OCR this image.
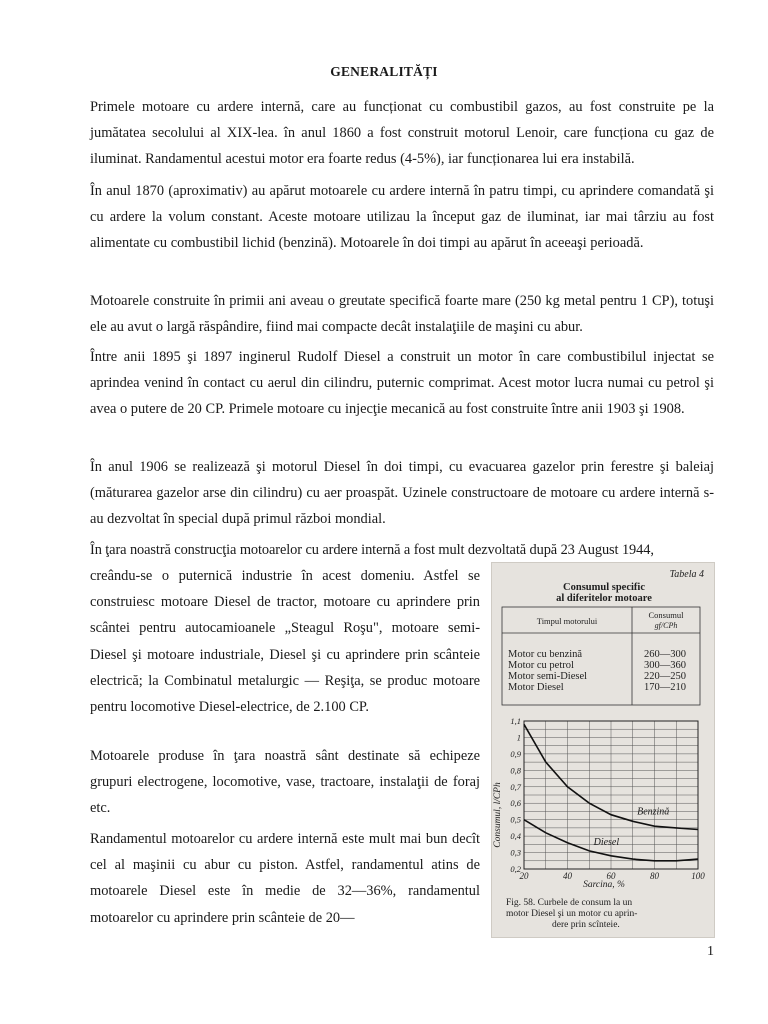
GENERALITĂȚI

Primele motoare cu ardere internă, care au funcționat cu combustibil gazos, au fost construite pe la jumătatea secolului al XIX-lea. în anul 1860 a fost construit motorul Lenoir, care funcționa cu gaz de iluminat. Randamentul acestui motor era foarte redus (4-5%), iar funcționarea lui era instabilă.

În anul 1870 (aproximativ) au apărut motoarele cu ardere internă în patru timpi, cu aprindere comandată şi cu ardere la volum constant. Aceste motoare utilizau la început gaz de iluminat, iar mai târziu au fost alimentate cu combustibil lichid (benzină). Motoarele în doi timpi au apărut în aceeaşi perioadă.

Motoarele construite în primii ani aveau o greutate specifică foarte mare (250 kg metal pentru 1 CP), totuşi ele au avut o largă răspândire, fiind mai compacte decât instalaţiile de maşini cu abur.

Între anii 1895 şi 1897 inginerul Rudolf Diesel a construit un motor în care combustibilul injectat se aprindea venind în contact cu aerul din cilindru, puternic comprimat. Acest motor lucra numai cu petrol şi avea o putere de 20 CP. Primele motoare cu injecţie mecanică au fost construite între anii 1903 şi 1908.

În anul 1906 se realizează şi motorul Diesel în doi timpi, cu evacuarea gazelor prin ferestre şi baleiaj (măturarea gazelor arse din cilindru) cu aer proaspăt. Uzinele constructoare de motoare cu ardere internă s-au dezvoltat în special după primul război mondial.

În ţara noastră construcţia motoarelor cu ardere internă a fost mult dezvoltată după 23 August 1944,

creându-se o puternică industrie în acest domeniu. Astfel se construiesc motoare Diesel de tractor, motoare cu aprindere prin scântei pentru autocamioanele „Steagul Roşu", motoare semi-Diesel şi motoare industriale, Diesel şi cu aprindere prin scânteie electrică; la Combinatul metalurgic — Reşiţa, se produc motoare pentru locomotive Diesel-electrice, de 2.100 CP.

Motoarele produse în ţara noastră sânt destinate să echipeze grupuri electrogene, locomotive, vase, tractoare, instalaţii de foraj etc.

Randamentul motoarelor cu ardere internă este mult mai bun decît cel al maşinii cu abur cu piston. Astfel, randamentul atins de motoarele Diesel este în medie de 32—36%, randamentul motoarelor cu aprindere prin scânteie de 20—

Tabela 4
Consumul specific
al diferitelor motoare
Timpul motorului
Consumul
gf/CPh
Motor cu benzină	260—300
Motor cu petrol	300—360
Motor semi-Diesel	220—250
Motor Diesel	170—210
20	40	60	80	100
0,2
0,3
0,4
0,5
0,6
0,7
0,8
0,9
1
1,1
Benzină
Diesel
Consumul, l/CPh
Sarcina, %
Fig. 58. Curbele de consum la un
motor Diesel şi un motor cu aprin-
dere prin scînteie.
1
